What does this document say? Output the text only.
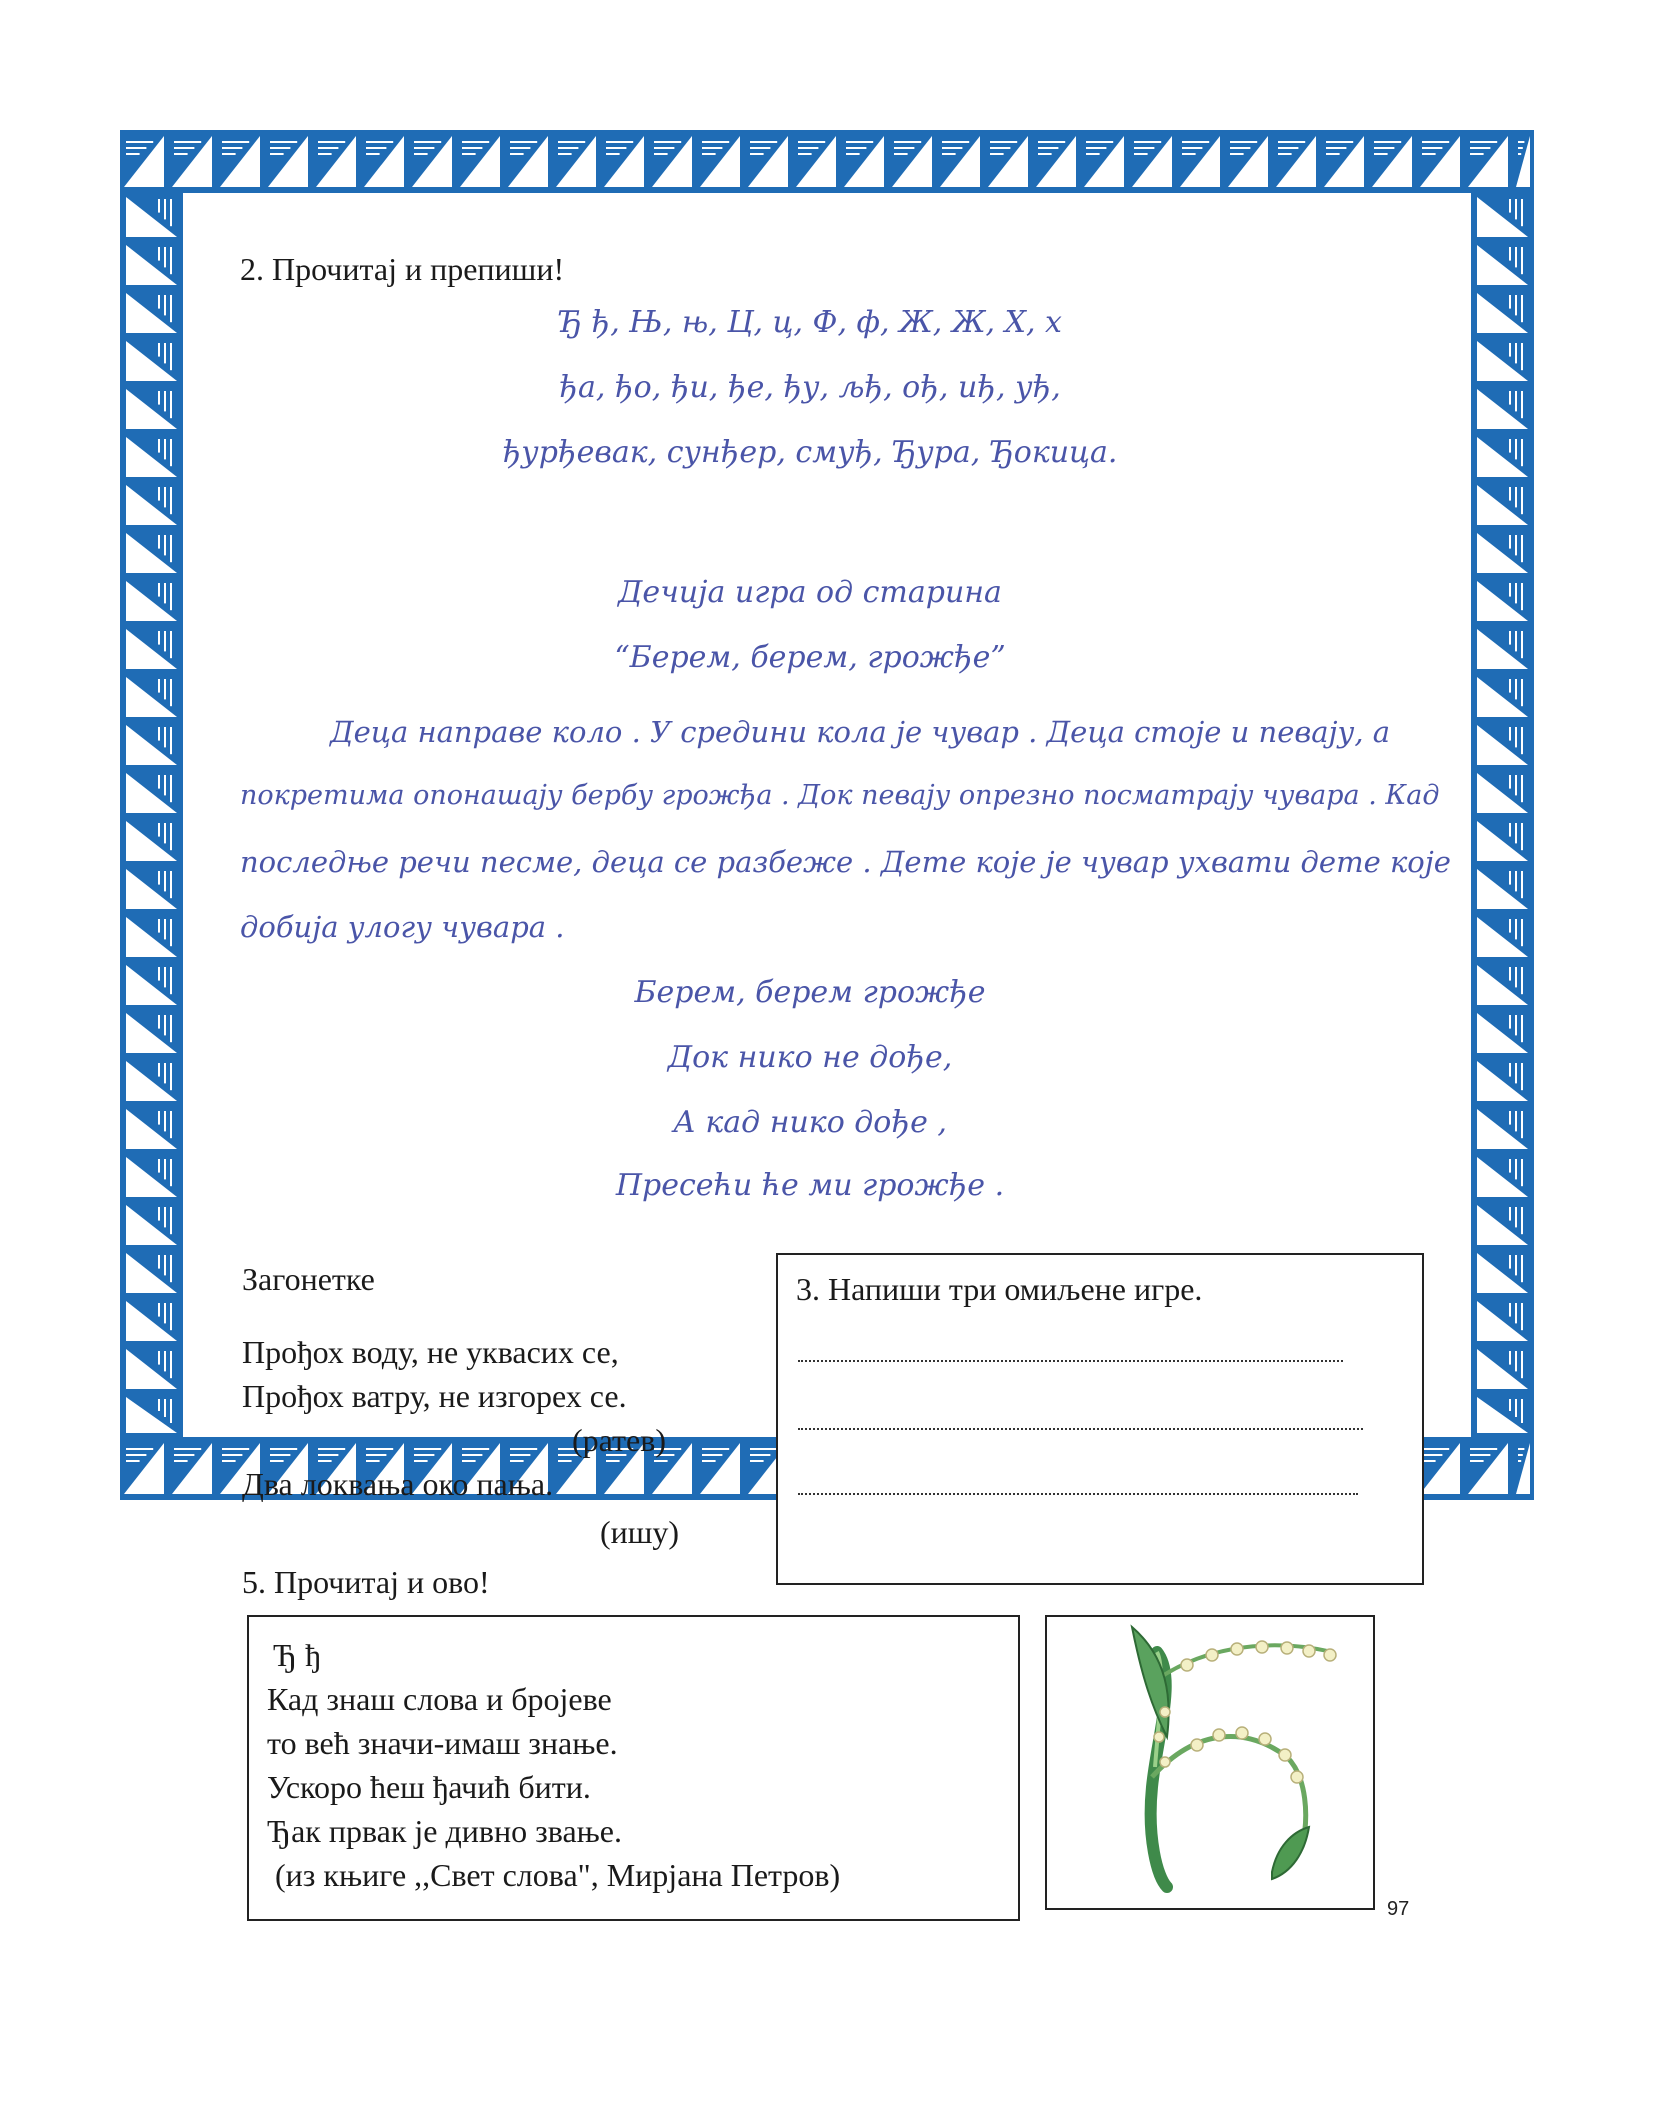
2. Прочитај и препиши!
Ђ ђ, Њ, њ, Ц, ц, Ф, ф, Ж, Ж, Х, х
ђа, ђо, ђи, ђе, ђу, љђ, ођ, иђ, уђ,
ђурђевак, сунђер, смуђ, Ђура, Ђокица.
Дечија игра од старина
“Берем, берем, грожђе”
Деца направе коло . У средини кола је чувар . Деца стоје и певају, а
покретима опонашају бербу грожђа . Док певају опрезно посматрају чувара . Кад
последње речи песме, деца се разбеже . Дете које је чувар ухвати дете које
добија улогу чувара .
Берем, берем грожђе
Док нико не дође,
А кад нико дође ,
Пресећи ће ми грожђе .
Загонетке
Прођох воду, не уквасих се,
Прођох ватру, не изгорех се.
(ратев)
Два локвања око пања.
(ишу)
3. Напиши три омиљене игре.
5. Прочитај и ово!
Ђ ђ
Кад знаш слова и бројеве
то већ значи-имаш знање.
Ускоро ћеш ђачић бити.
Ђак првак је дивно звање.
(из књиге ,,Свет слова", Мирјана Петров)
97
